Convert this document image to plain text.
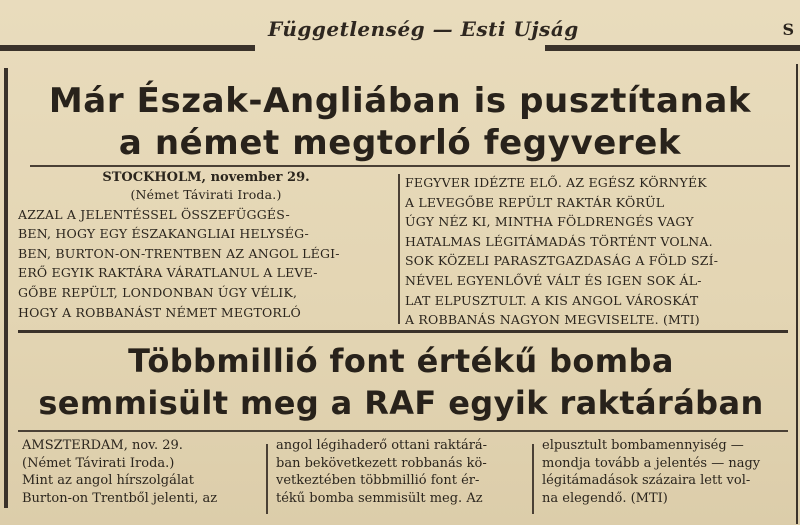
Függetlenség — Esti Ujság	S
Már Észak-Angliában is pusztítanak
a német megtorló fegyverek
STOCKHOLM, november 29.
(Német Távirati Iroda.)
AZZAL A JELENTÉSSEL ÖSSZEFÜGGÉS-
BEN, HOGY EGY ÉSZAKANGLIAI HELYSÉG-
BEN, BURTON-ON-TRENTBEN AZ ANGOL LÉGI-
ERŐ EGYIK RAKTÁRA VÁRATLANUL A LEVE-
GŐBE REPÜLT, LONDONBAN ÚGY VÉLIK,
HOGY A ROBBANÁST NÉMET MEGTORLÓ
FEGYVER IDÉZTE ELŐ. AZ EGÉSZ KÖRNYÉK
A LEVEGŐBE REPÜLT RAKTÁR KÖRÜL
ÚGY NÉZ KI, MINTHA FÖLDRENGÉS VAGY
HATALMAS LÉGITÁMADÁS TÖRTÉNT VOLNA.
SOK KÖZELI PARASZTGAZDASÁG A FÖLD SZÍ-
NÉVEL EGYENLŐVÉ VÁLT ÉS IGEN SOK ÁL-
LAT ELPUSZTULT. A KIS ANGOL VÁROSKÁT
A ROBBANÁS NAGYON MEGVISELTE. (MTI)
Többmillió font értékű bomba
semmisült meg a RAF egyik raktárában
AMSZTERDAM, nov. 29.
(Német Távirati Iroda.)
Mint az angol hírszolgálat
Burton-on Trentből jelenti, az
angol légihaderő ottani raktárá-
ban bekövetkezett robbanás kö-
vetkeztében többmillió font ér-
tékű bomba semmisült meg. Az
elpusztult bombamennyiség —
mondja tovább a jelentés — nagy
légitámadások százaira lett vol-
na elegendő. (MTI)
